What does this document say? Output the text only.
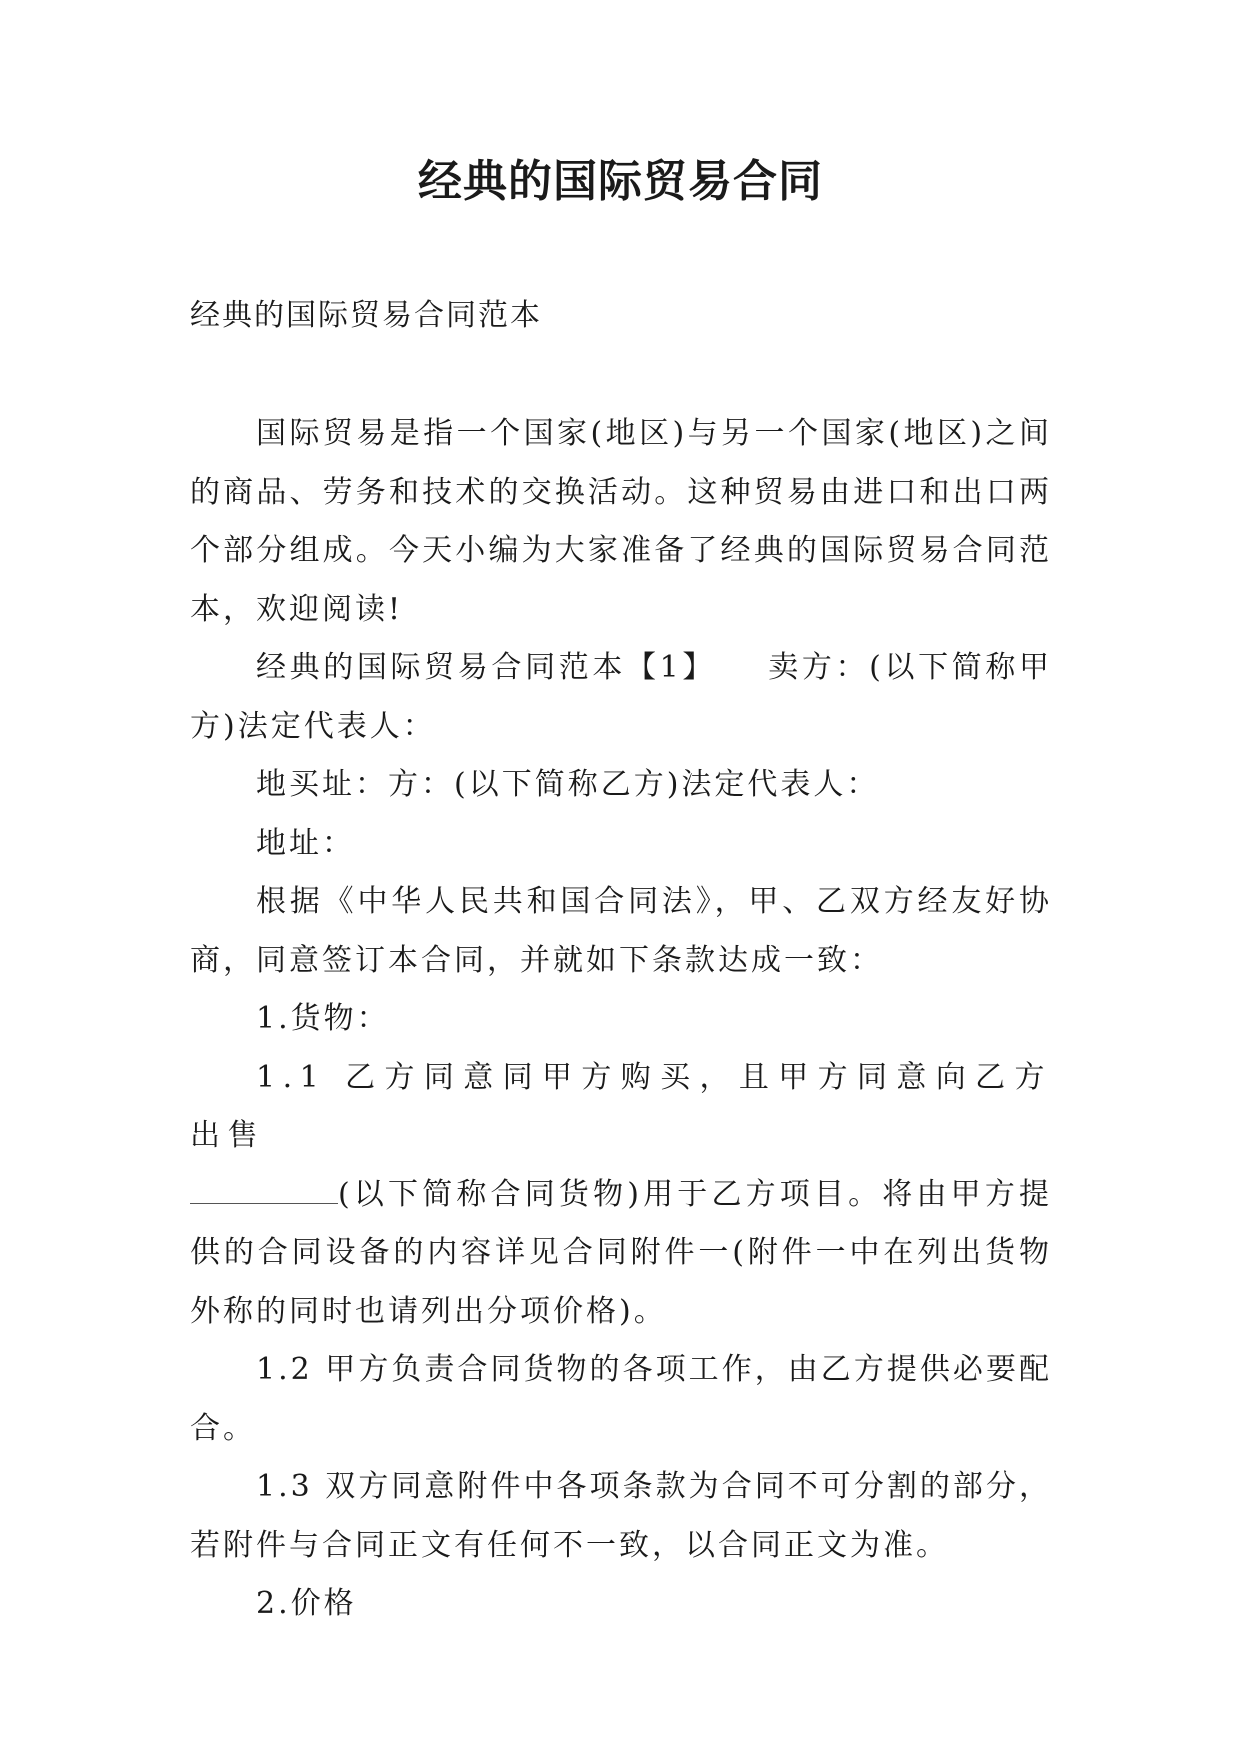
经典的国际贸易合同
经典的国际贸易合同范本

国际贸易是指一个国家(地区)与另一个国家(地区)之间的商品、劳务和技术的交换活动。这种贸易由进口和出口两个部分组成。今天小编为大家准备了经典的国际贸易合同范本，欢迎阅读!

经典的国际贸易合同范本【1】　　卖方：(以下简称甲方)法定代表人：

地买址：方：(以下简称乙方)法定代表人：

地址：

根据《中华人民共和国合同法》，甲、乙双方经友好协商，同意签订本合同，并就如下条款达成一致：

1.货物：

1.1 乙方同意同甲方购买，且甲方同意向乙方出售

(以下简称合同货物)用于乙方项目。将由甲方提供的合同设备的内容详见合同附件一(附件一中在列出货物外称的同时也请列出分项价格)。

1.2 甲方负责合同货物的各项工作，由乙方提供必要配合。

1.3 双方同意附件中各项条款为合同不可分割的部分，若附件与合同正文有任何不一致，以合同正文为准。

2.价格
